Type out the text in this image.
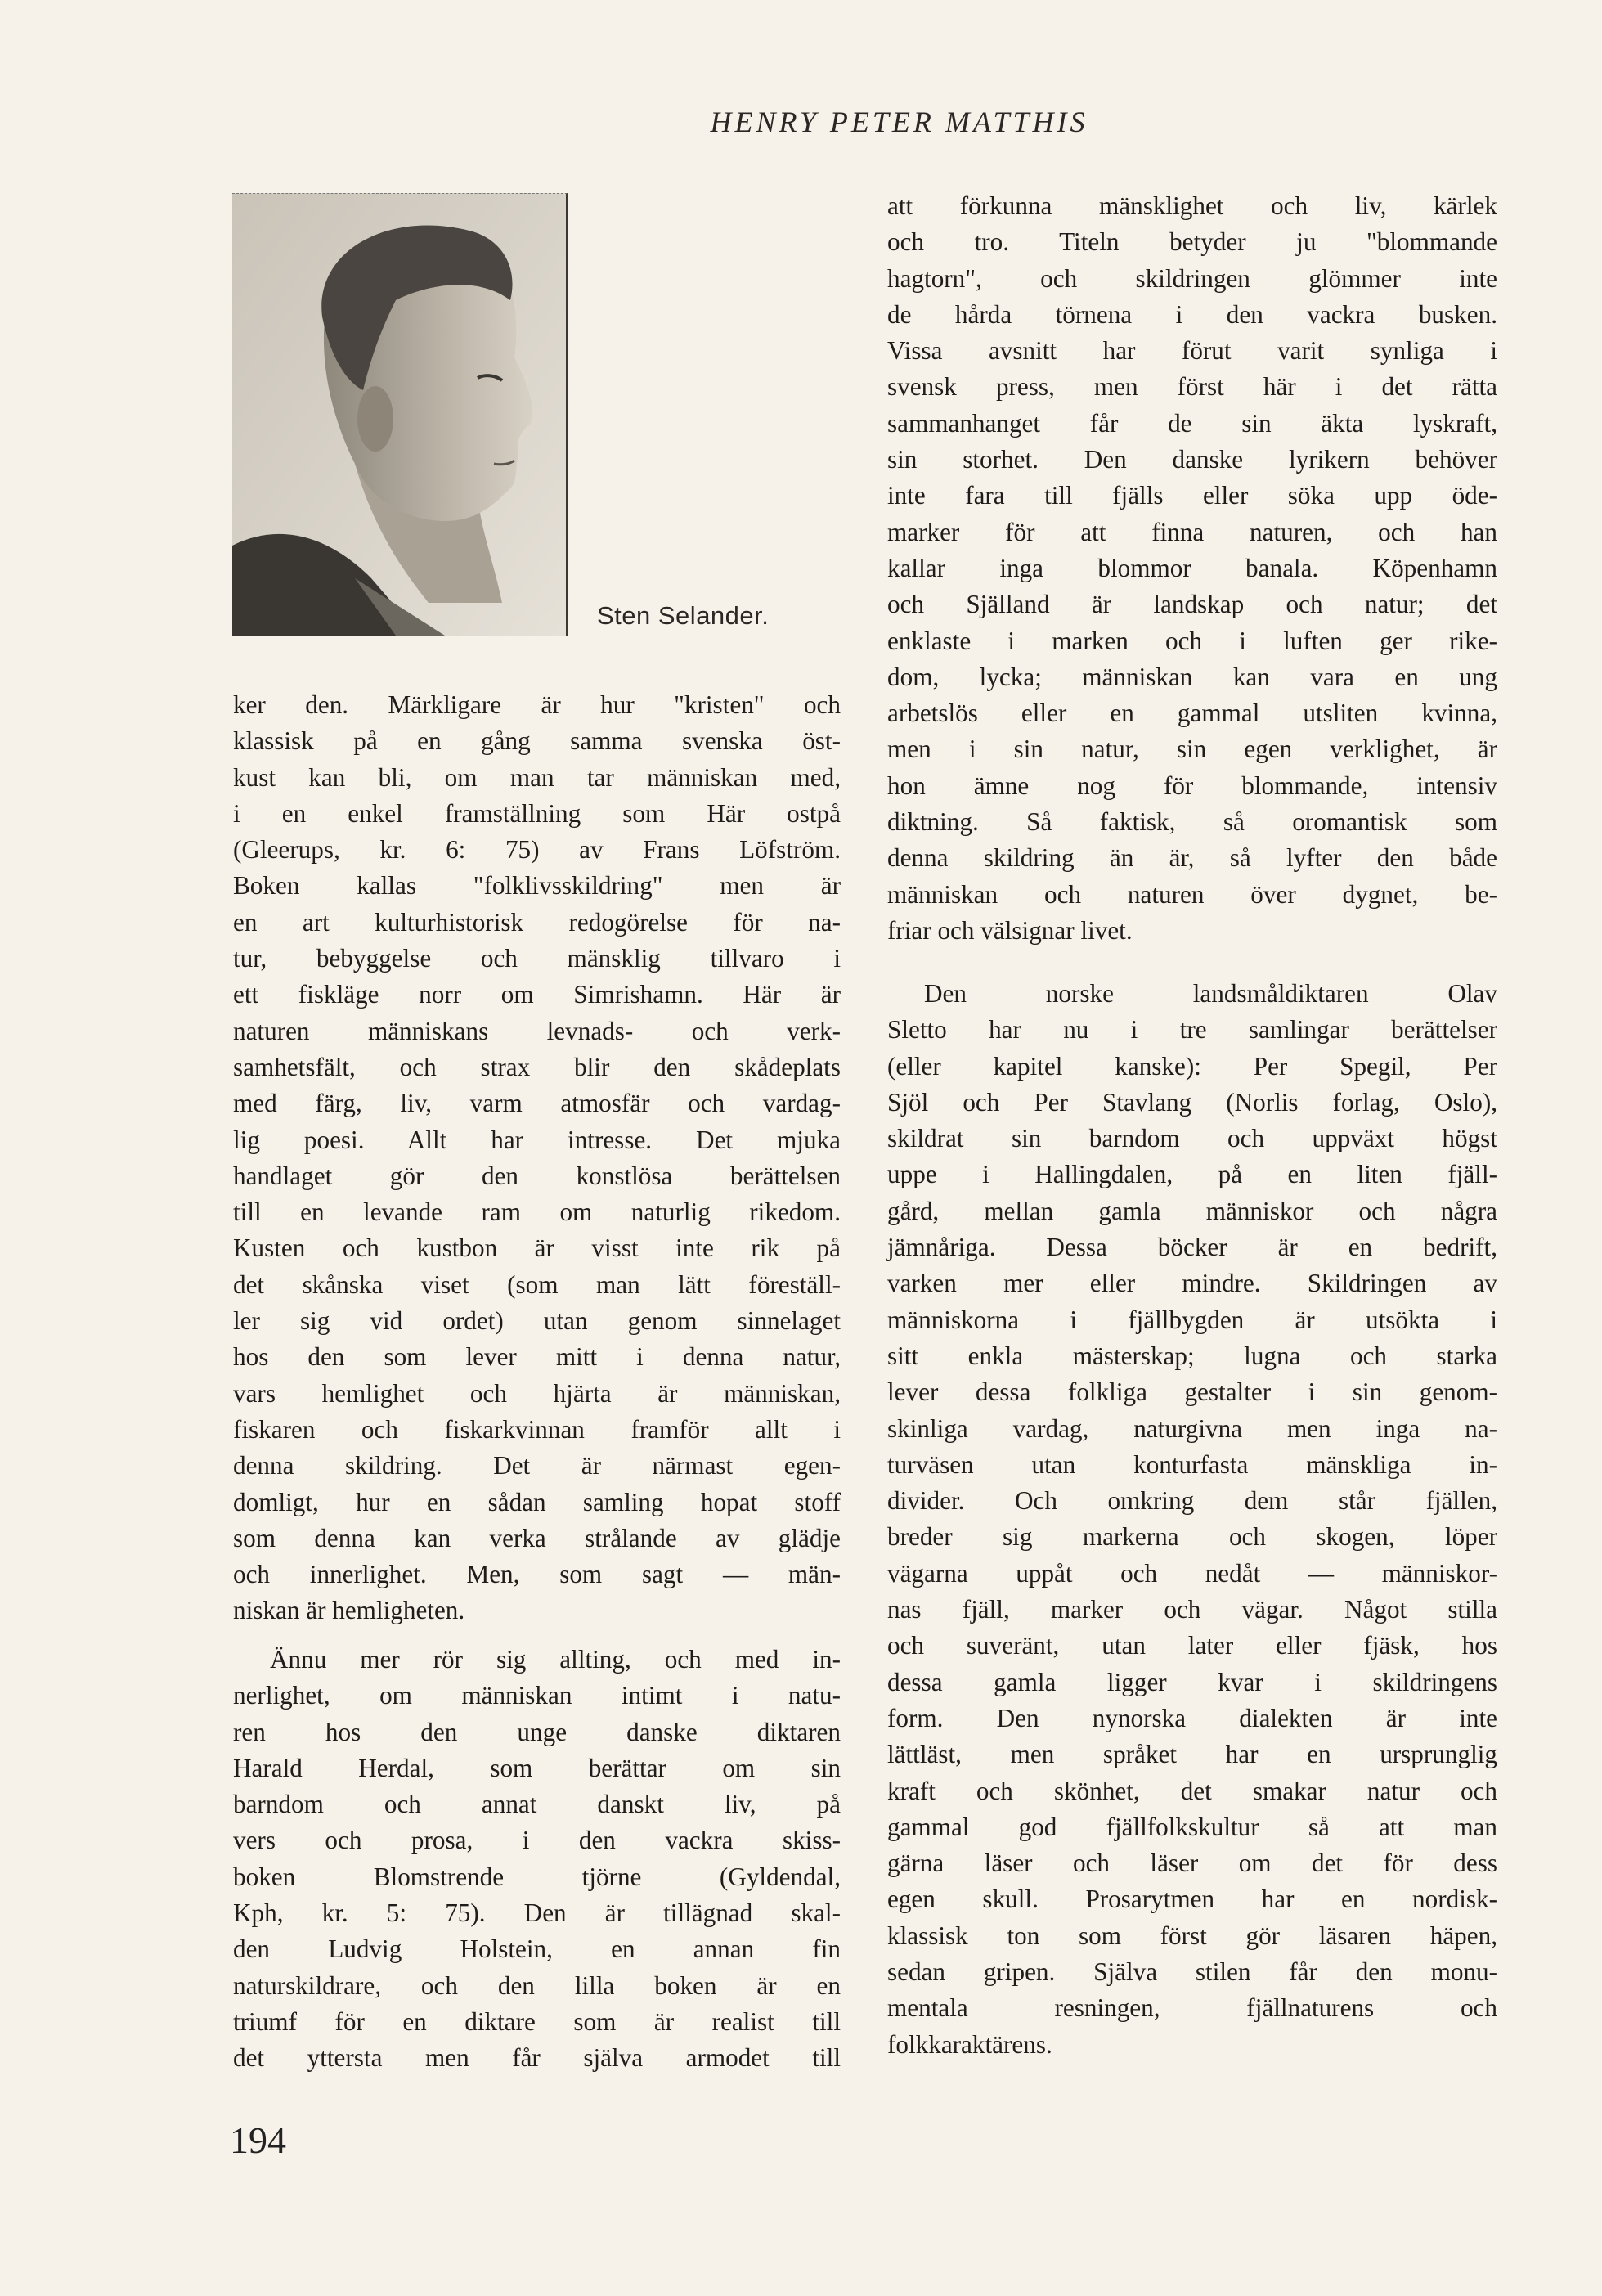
HENRY PETER MATTHIS
Sten Selander.
ker den. Märkligare är hur "kristen" och
klassisk på en gång samma svenska öst-
kust kan bli, om man tar människan med,
i en enkel framställning som Här ostpå
(Gleerups, kr. 6: 75) av Frans Löfström.
Boken kallas "folklivsskildring" men är
en art kulturhistorisk redogörelse för na-
tur, bebyggelse och mänsklig tillvaro i
ett fiskläge norr om Simrishamn. Här är
naturen människans levnads- och verk-
samhetsfält, och strax blir den skådeplats
med färg, liv, varm atmosfär och vardag-
lig poesi. Allt har intresse. Det mjuka
handlaget gör den konstlösa berättelsen
till en levande ram om naturlig rikedom.
Kusten och kustbon är visst inte rik på
det skånska viset (som man lätt föreställ-
ler sig vid ordet) utan genom sinnelaget
hos den som lever mitt i denna natur,
vars hemlighet och hjärta är människan,
fiskaren och fiskarkvinnan framför allt i
denna skildring. Det är närmast egen-
domligt, hur en sådan samling hopat stoff
som denna kan verka strålande av glädje
och innerlighet. Men, som sagt — män-
niskan är hemligheten.
Ännu mer rör sig allting, och med in-
nerlighet, om människan intimt i natu-
ren hos den unge danske diktaren
Harald Herdal, som berättar om sin
barndom och annat danskt liv, på
vers och prosa, i den vackra skiss-
boken Blomstrende tjörne (Gyldendal,
Kph, kr. 5: 75). Den är tillägnad skal-
den Ludvig Holstein, en annan fin
naturskildrare, och den lilla boken är en
triumf för en diktare som är realist till
det yttersta men får själva armodet till
att förkunna mänsklighet och liv, kärlek
och tro. Titeln betyder ju "blommande
hagtorn", och skildringen glömmer inte
de hårda törnena i den vackra busken.
Vissa avsnitt har förut varit synliga i
svensk press, men först här i det rätta
sammanhanget får de sin äkta lyskraft,
sin storhet. Den danske lyrikern behöver
inte fara till fjälls eller söka upp öde-
marker för att finna naturen, och han
kallar inga blommor banala. Köpenhamn
och Själland är landskap och natur; det
enklaste i marken och i luften ger rike-
dom, lycka; människan kan vara en ung
arbetslös eller en gammal utsliten kvinna,
men i sin natur, sin egen verklighet, är
hon ämne nog för blommande, intensiv
diktning. Så faktisk, så oromantisk som
denna skildring än är, så lyfter den både
människan och naturen över dygnet, be-
friar och välsignar livet.
Den norske landsmåldiktaren Olav
Sletto har nu i tre samlingar berättelser
(eller kapitel kanske): Per Spegil, Per
Sjöl och Per Stavlang (Norlis forlag, Oslo),
skildrat sin barndom och uppväxt högst
uppe i Hallingdalen, på en liten fjäll-
gård, mellan gamla människor och några
jämnåriga. Dessa böcker är en bedrift,
varken mer eller mindre. Skildringen av
människorna i fjällbygden är utsökta i
sitt enkla mästerskap; lugna och starka
lever dessa folkliga gestalter i sin genom-
skinliga vardag, naturgivna men inga na-
turväsen utan konturfasta mänskliga in-
divider. Och omkring dem står fjällen,
breder sig markerna och skogen, löper
vägarna uppåt och nedåt — människor-
nas fjäll, marker och vägar. Något stilla
och suveränt, utan later eller fjäsk, hos
dessa gamla ligger kvar i skildringens
form. Den nynorska dialekten är inte
lättläst, men språket har en ursprunglig
kraft och skönhet, det smakar natur och
gammal god fjällfolkskultur så att man
gärna läser och läser om det för dess
egen skull. Prosarytmen har en nordisk-
klassisk ton som först gör läsaren häpen,
sedan gripen. Själva stilen får den monu-
mentala resningen, fjällnaturens och
folkkaraktärens.
194
